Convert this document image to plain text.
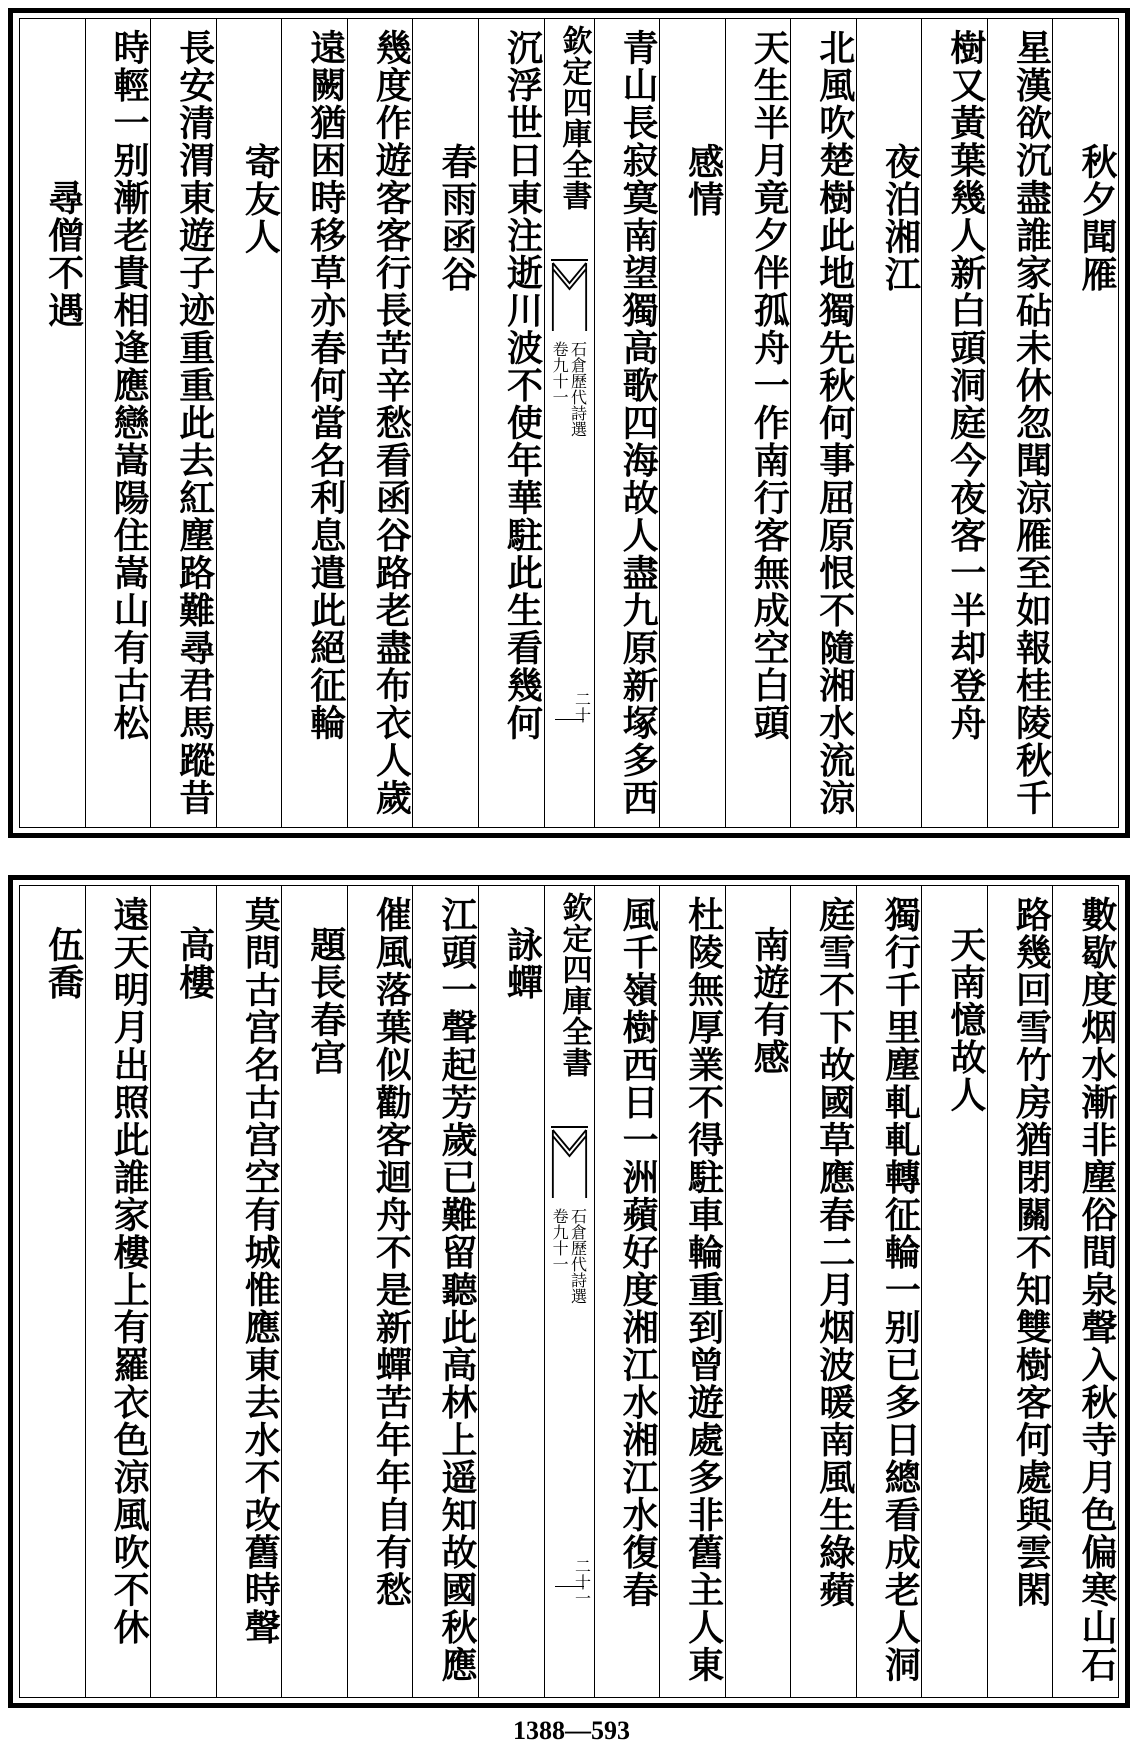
秋夕聞雁
星漢欲沉盡誰家砧未休忽聞涼雁至如報桂陵秋千
樹又黃葉幾人新白頭洞庭今夜客一半却登舟
夜泊湘江
北風吹楚樹此地獨先秋何事屈原恨不隨湘水流涼
天生半月竟夕伴孤舟一作南行客無成空白頭
感情
青山長寂寞南望獨高歌四海故人盡九原新塚多西
欽定四庫全書
石倉歷代詩選
卷九十一
二十
沉浮世日東注逝川波不使年華駐此生看幾何
春雨函谷
幾度作遊客客行長苦辛愁看函谷路老盡布衣人歲
遠闕猶困時移草亦春何當名利息遣此絕征輪
寄友人
長安清渭東遊子迹重重此去紅塵路難尋君馬蹤昔
時輕一别漸老貴相逢應戀嵩陽住嵩山有古松
尋僧不遇
數歇度烟水漸非塵俗間泉聲入秋寺月色偏寒山石
路幾回雪竹房猶閉關不知雙樹客何處與雲閑
天南憶故人
獨行千里塵軋軋轉征輪一别已多日總看成老人洞
庭雪不下故國草應春二月烟波暖南風生綠蘋
南遊有感
杜陵無厚業不得駐車輪重到曾遊處多非舊主人東
風千嶺樹西日一洲蘋好度湘江水湘江水復春
欽定四庫全書
石倉歷代詩選
卷九十一
二十一
詠蟬
江頭一聲起芳歲已難留聽此高林上遥知故國秋應
催風落葉似勸客迴舟不是新蟬苦年年自有愁
題長春宫
莫問古宫名古宫空有城惟應東去水不改舊時聲
高樓
遠天明月出照此誰家樓上有羅衣色涼風吹不休
伍喬
1388—593
